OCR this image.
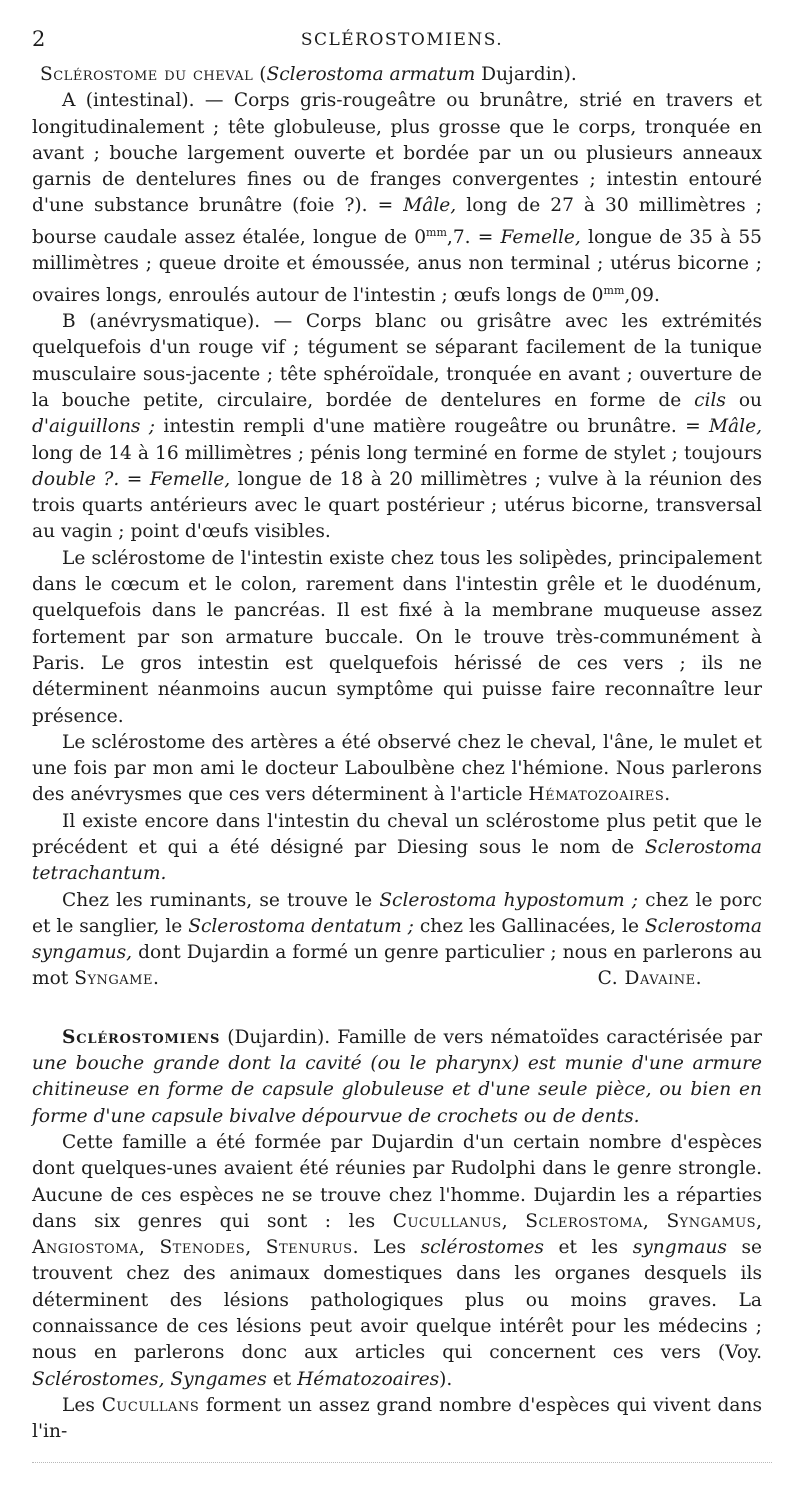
2	SCLÉROSTOMIENS.

Sclérostome du cheval (Sclerostoma armatum Dujardin).

A (intestinal). — Corps gris-rougeâtre ou brunâtre, strié en travers et longitudinalement ; tête globuleuse, plus grosse que le corps, tronquée en avant ; bouche largement ouverte et bordée par un ou plusieurs anneaux garnis de dentelures fines ou de franges convergentes ; intestin entouré d'une substance brunâtre (foie ?). = Mâle, long de 27 à 30 millimètres ; bourse caudale assez étalée, longue de $0^{mm},7$. = Femelle, longue de 35 à 55 millimètres ; queue droite et émoussée, anus non terminal ; utérus bicorne ; ovaires longs, enroulés autour de l'intestin ; œufs longs de $0^{mm},09$.

B (anévrysmatique). — Corps blanc ou grisâtre avec les extrémités quelquefois d'un rouge vif ; tégument se séparant facilement de la tunique musculaire sous-jacente ; tête sphéroïdale, tronquée en avant ; ouverture de la bouche petite, circulaire, bordée de dentelures en forme de cils ou d'aiguillons ; intestin rempli d'une matière rougeâtre ou brunâtre. = Mâle, long de 14 à 16 millimètres ; pénis long terminé en forme de stylet ; toujours double ?. = Femelle, longue de 18 à 20 millimètres ; vulve à la réunion des trois quarts antérieurs avec le quart postérieur ; utérus bicorne, transversal au vagin ; point d'œufs visibles.

Le sclérostome de l'intestin existe chez tous les solipèdes, principalement dans le cœcum et le colon, rarement dans l'intestin grêle et le duodénum, quelquefois dans le pancréas. Il est fixé à la membrane muqueuse assez fortement par son armature buccale. On le trouve très-communément à Paris. Le gros intestin est quelquefois hérissé de ces vers ; ils ne déterminent néanmoins aucun symptôme qui puisse faire reconnaître leur présence.

Le sclérostome des artères a été observé chez le cheval, l'âne, le mulet et une fois par mon ami le docteur Laboulbène chez l'hémione. Nous parlerons des anévrysmes que ces vers déterminent à l'article Hématozoaires.

Il existe encore dans l'intestin du cheval un sclérostome plus petit que le précédent et qui a été désigné par Diesing sous le nom de Sclerostoma tetrachantum.

Chez les ruminants, se trouve le Sclerostoma hypostomum ; chez le porc et le sanglier, le Sclerostoma dentatum ; chez les Gallinacées, le Sclerostoma syngamus, dont Dujardin a formé un genre particulier ; nous en parlerons au mot Syngame.	C. Davaine.

Sclérostomiens (Dujardin). Famille de vers nématoïdes caractérisée par une bouche grande dont la cavité (ou le pharynx) est munie d'une armure chitineuse en forme de capsule globuleuse et d'une seule pièce, ou bien en forme d'une capsule bivalve dépourvue de crochets ou de dents.

Cette famille a été formée par Dujardin d'un certain nombre d'espèces dont quelques-unes avaient été réunies par Rudolphi dans le genre strongle. Aucune de ces espèces ne se trouve chez l'homme. Dujardin les a réparties dans six genres qui sont : les Cucullanus, Sclerostoma, Syngamus, Angiostoma, Stenodes, Stenurus. Les sclérostomes et les syngmaus se trouvent chez des animaux domestiques dans les organes desquels ils déterminent des lésions pathologiques plus ou moins graves. La connaissance de ces lésions peut avoir quelque intérêt pour les médecins ; nous en parlerons donc aux articles qui concernent ces vers (Voy. Sclérostomes, Syngames et Hématozoaires).

Les Cucullans forment un assez grand nombre d'espèces qui vivent dans l'in-
